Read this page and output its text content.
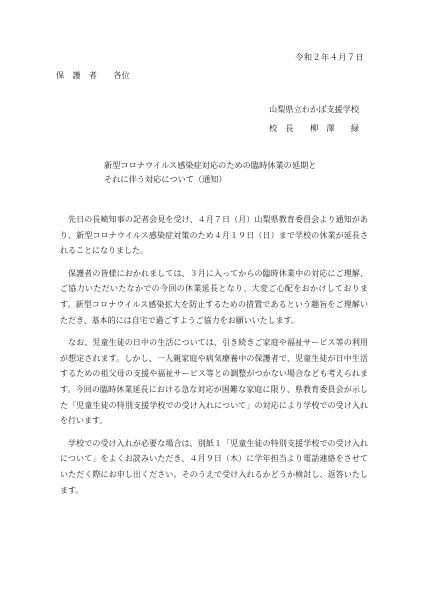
令和２年４月７日
保　護　者　　各位
山梨県立わかば支援学校
校　長　　柳　澤　　緑
新型コロナウイルス感染症対応のための臨時休業の延期と
それに伴う対応について（通知）

先日の長崎知事の記者会見を受け、４月７日（月）山梨県教育委員会より通知があり、新型コロナウイルス感染症対策のため４月１９日（日）まで学校の休業が延長されることになりました。

保護者の皆様におかれましては、３月に入ってからの臨時休業中の対応にご理解、ご協力いただいたなかでの今回の休業延長となり、大変ご心配をおかけしております。新型コロナウイルス感染拡大を防止するための措置であるという趣旨をご理解いただき、基本的には自宅で過ごすようご協力をお願いいたします。

なお、児童生徒の日中の生活については、引き続きご家庭や福祉サービス等の利用が想定されます。しかし、一人親家庭や病気療養中の保護者で、児童生徒が日中生活するための祖父母の支援や福祉サービス等との調整がつかない場合なども考えられます。今回の臨時休業延長における急な対応が困難な家庭に限り、県教育委員会が示した「児童生徒の特別支援学校での受け入れについて」の対応により学校での受け入れを行います。

学校での受け入れが必要な場合は、別紙１「児童生徒の特別支援学校での受け入れについて」をよくお読みいただき、４月９日（木）に学年担当より電話連絡をさせていただく際にお申し出ください。そのうえで受け入れるかどうか検討し、返答いたします。
